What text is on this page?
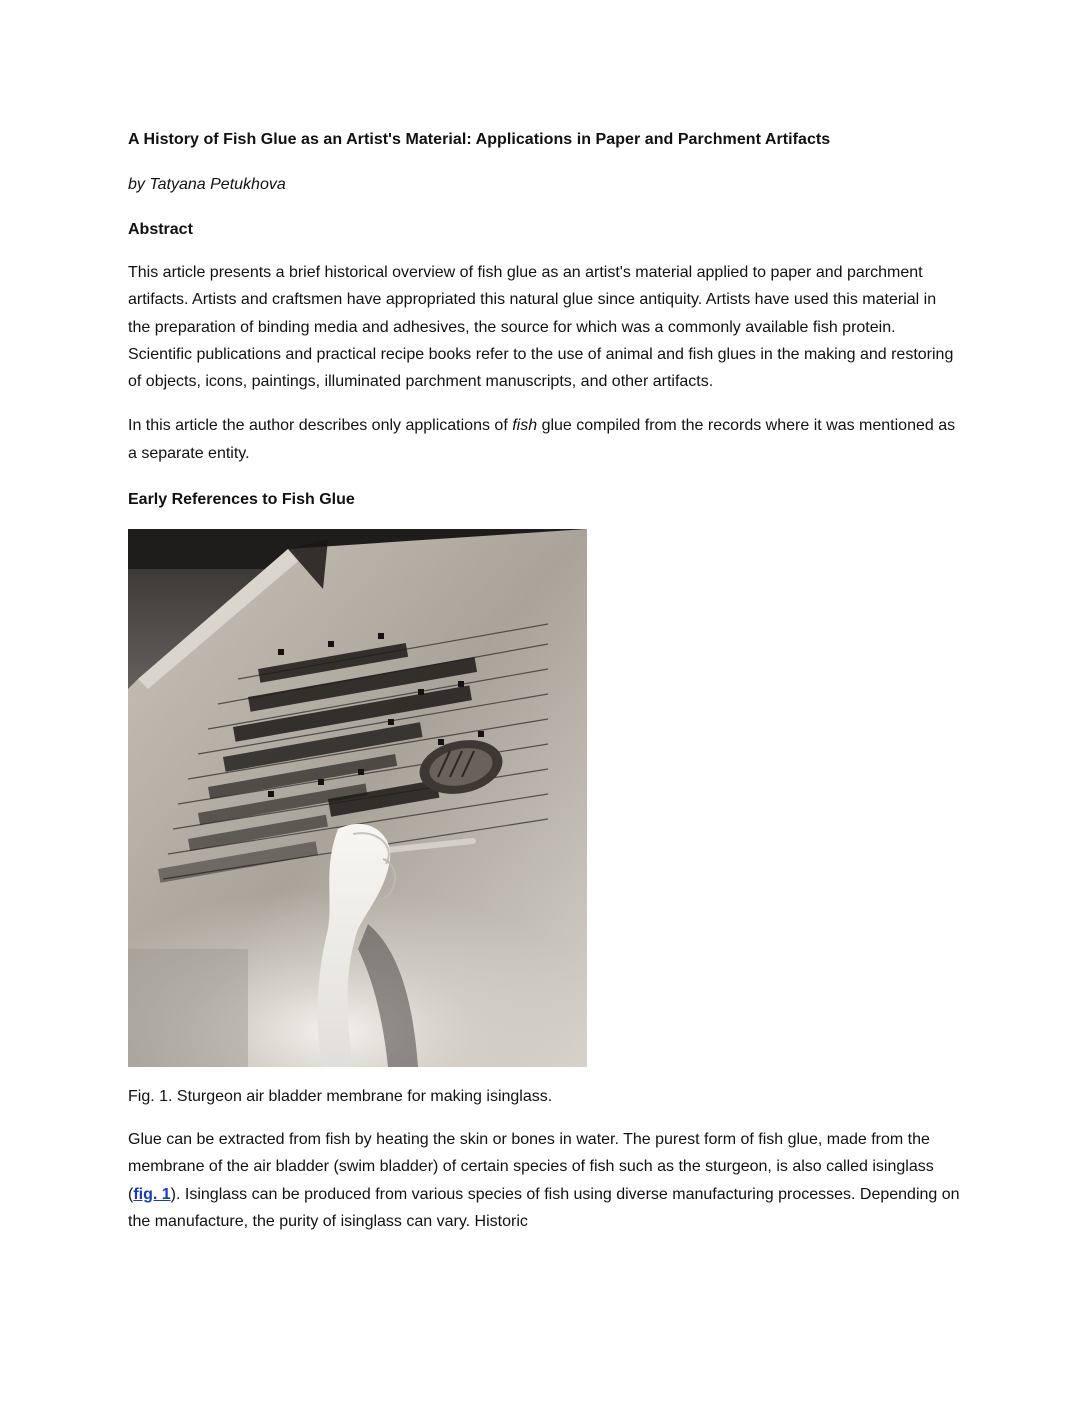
A History of Fish Glue as an Artist's Material: Applications in Paper and Parchment Artifacts

by Tatyana Petukhova

Abstract

This article presents a brief historical overview of fish glue as an artist's material applied to paper and parchment artifacts. Artists and craftsmen have appropriated this natural glue since antiquity. Artists have used this material in the preparation of binding media and adhesives, the source for which was a commonly available fish protein. Scientific publications and practical recipe books refer to the use of animal and fish glues in the making and restoring of objects, icons, paintings, illuminated parchment manuscripts, and other artifacts.

In this article the author describes only applications of fish glue compiled from the records where it was mentioned as a separate entity.

Early References to Fish Glue

Fig. 1. Sturgeon air bladder membrane for making isinglass.

Glue can be extracted from fish by heating the skin or bones in water. The purest form of fish glue, made from the membrane of the air bladder (swim bladder) of certain species of fish such as the sturgeon, is also called isinglass (fig. 1). Isinglass can be produced from various species of fish using diverse manufacturing processes. Depending on the manufacture, the purity of isinglass can vary. Historic
